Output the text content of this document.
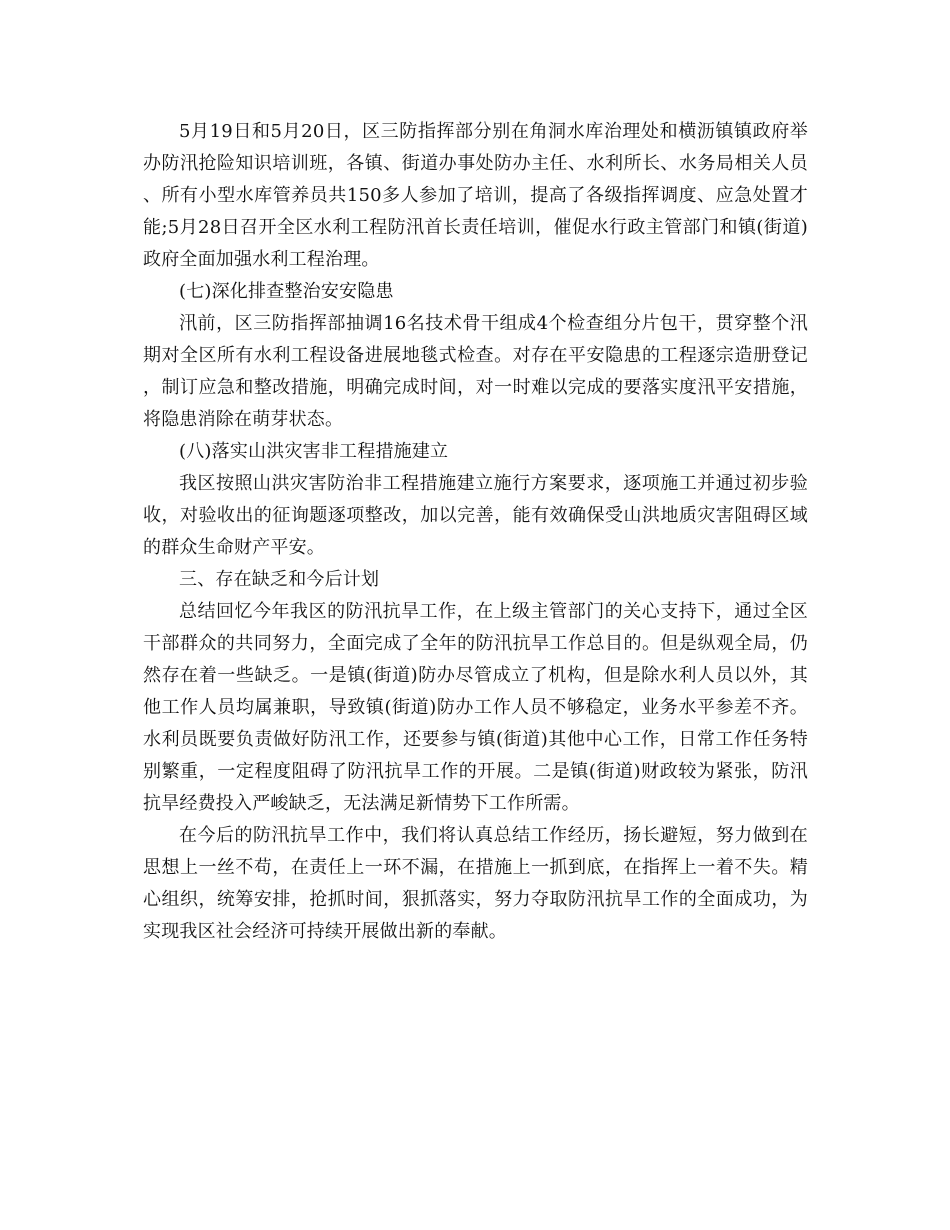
5月19日和5月20日，区三防指挥部分别在角洞水库治理处和横沥镇镇政府举办防汛抢险知识培训班，各镇、街道办事处防办主任、水利所长、水务局相关人员、所有小型水库管养员共150多人参加了培训，提高了各级指挥调度、应急处置才能;5月28日召开全区水利工程防汛首长责任培训，催促水行政主管部门和镇(街道)政府全面加强水利工程治理。

(七)深化排查整治安安隐患

汛前，区三防指挥部抽调16名技术骨干组成4个检查组分片包干，贯穿整个汛期对全区所有水利工程设备进展地毯式检查。对存在平安隐患的工程逐宗造册登记，制订应急和整改措施，明确完成时间，对一时难以完成的要落实度汛平安措施，将隐患消除在萌芽状态。

(八)落实山洪灾害非工程措施建立

我区按照山洪灾害防治非工程措施建立施行方案要求，逐项施工并通过初步验收，对验收出的征询题逐项整改，加以完善，能有效确保受山洪地质灾害阻碍区域的群众生命财产平安。

三、存在缺乏和今后计划

总结回忆今年我区的防汛抗旱工作，在上级主管部门的关心支持下，通过全区干部群众的共同努力，全面完成了全年的防汛抗旱工作总目的。但是纵观全局，仍然存在着一些缺乏。一是镇(街道)防办尽管成立了机构，但是除水利人员以外，其他工作人员均属兼职，导致镇(街道)防办工作人员不够稳定，业务水平参差不齐。水利员既要负责做好防汛工作，还要参与镇(街道)其他中心工作，日常工作任务特别繁重，一定程度阻碍了防汛抗旱工作的开展。二是镇(街道)财政较为紧张，防汛抗旱经费投入严峻缺乏，无法满足新情势下工作所需。

在今后的防汛抗旱工作中，我们将认真总结工作经历，扬长避短，努力做到在思想上一丝不苟，在责任上一环不漏，在措施上一抓到底，在指挥上一着不失。精心组织，统筹安排，抢抓时间，狠抓落实，努力夺取防汛抗旱工作的全面成功，为实现我区社会经济可持续开展做出新的奉献。
